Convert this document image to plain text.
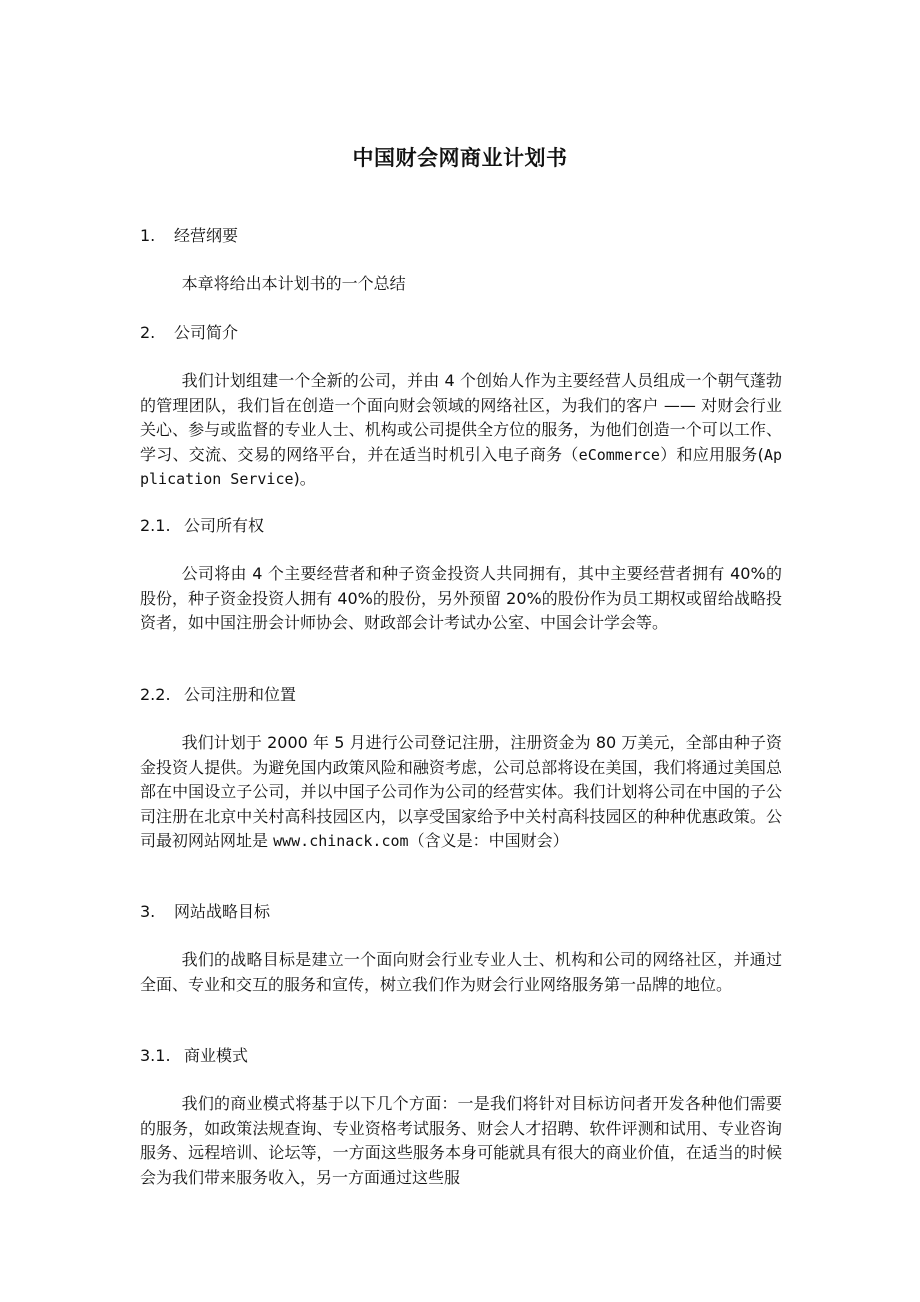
中国财会网商业计划书
1. 经营纲要
本章将给出本计划书的一个总结
2. 公司简介
我们计划组建一个全新的公司，并由 4 个创始人作为主要经营人员组成一个朝气蓬勃的管理团队，我们旨在创造一个面向财会领域的网络社区，为我们的客户 —— 对财会行业关心、参与或监督的专业人士、机构或公司提供全方位的服务，为他们创造一个可以工作、学习、交流、交易的网络平台，并在适当时机引入电子商务（eCommerce）和应用服务(Application Service)。
2.1. 公司所有权
公司将由 4 个主要经营者和种子资金投资人共同拥有，其中主要经营者拥有 40%的股份，种子资金投资人拥有 40%的股份，另外预留 20%的股份作为员工期权或留给战略投资者，如中国注册会计师协会、财政部会计考试办公室、中国会计学会等。
2.2. 公司注册和位置
我们计划于 2000 年 5 月进行公司登记注册，注册资金为 80 万美元，全部由种子资金投资人提供。为避免国内政策风险和融资考虑，公司总部将设在美国，我们将通过美国总部在中国设立子公司，并以中国子公司作为公司的经营实体。我们计划将公司在中国的子公司注册在北京中关村高科技园区内，以享受国家给予中关村高科技园区的种种优惠政策。公司最初网站网址是 www.chinack.com（含义是：中国财会）
3. 网站战略目标
我们的战略目标是建立一个面向财会行业专业人士、机构和公司的网络社区，并通过全面、专业和交互的服务和宣传，树立我们作为财会行业网络服务第一品牌的地位。
3.1. 商业模式
我们的商业模式将基于以下几个方面：一是我们将针对目标访问者开发各种他们需要的服务，如政策法规查询、专业资格考试服务、财会人才招聘、软件评测和试用、专业咨询服务、远程培训、论坛等，一方面这些服务本身可能就具有很大的商业价值，在适当的时候会为我们带来服务收入，另一方面通过这些服
